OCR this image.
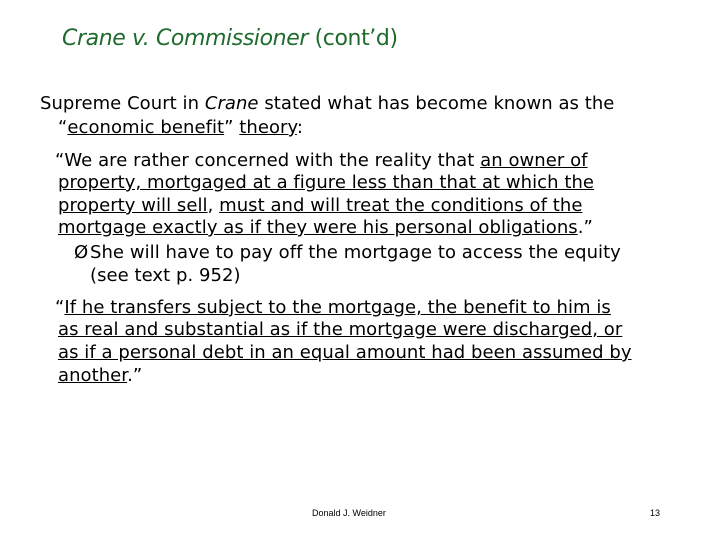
Crane v. Commissioner (cont’d)
Supreme Court in Crane stated what has become known as the
“economic benefit” theory:
“We are rather concerned with the reality that an owner of
property, mortgaged at a figure less than that at which the
property will sell, must and will treat the conditions of the
mortgage exactly as if they were his personal obligations.”
ØShe will have to pay off the mortgage to access the equity
(see text p. 952)
“If he transfers subject to the mortgage, the benefit to him is
as real and substantial as if the mortgage were discharged, or
as if a personal debt in an equal amount had been assumed by
another.”
Donald J. Weidner	13
